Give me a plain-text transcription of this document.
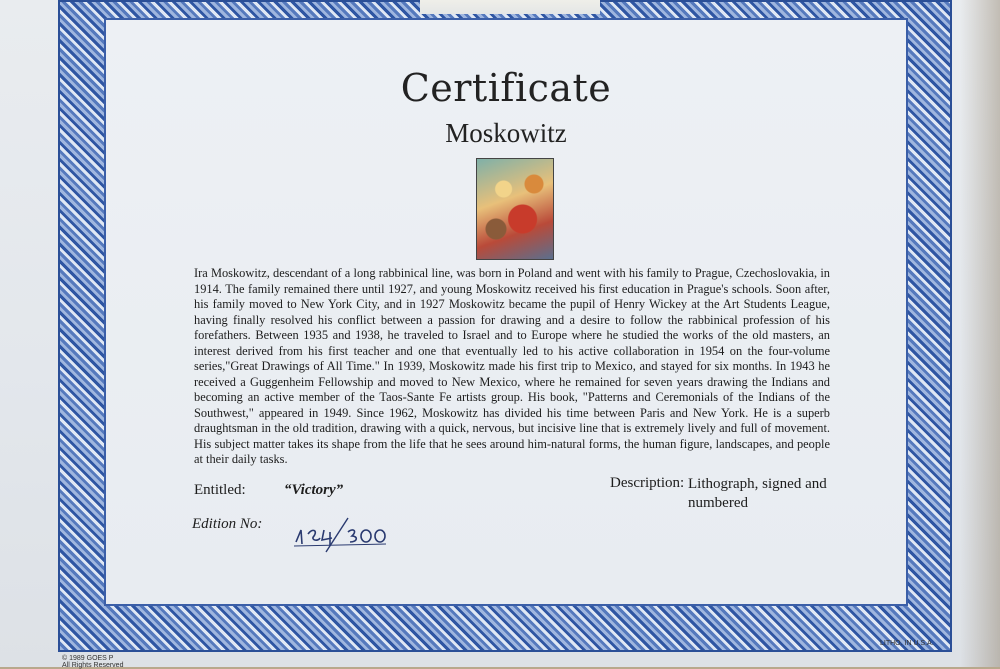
Certificate
Moskowitz
Ira Moskowitz, descendant of a long rabbinical line, was born in Poland and went with his family to Prague, Czechoslovakia, in 1914. The family remained there until 1927, and young Moskowitz received his first education in Prague's schools. Soon after, his family moved to New York City, and in 1927 Moskowitz became the pupil of Henry Wickey at the Art Students League, having finally resolved his conflict between a passion for drawing and a desire to follow the rabbinical profession of his forefathers. Between 1935 and 1938, he traveled to Israel and to Europe where he studied the works of the old masters, an interest derived from his first teacher and one that eventually led to his active collaboration in 1954 on the four-volume series,"Great Drawings of All Time." In 1939, Moskowitz made his first trip to Mexico, and stayed for six months. In 1943 he received a Guggenheim Fellowship and moved to New Mexico, where he remained for seven years drawing the Indians and becoming an active member of the Taos-Sante Fe artists group. His book, "Patterns and Ceremonials of the Indians of the Southwest," appeared in 1949. Since 1962, Moskowitz has divided his time between Paris and New York. He is a superb draughtsman in the old tradition, drawing with a quick, nervous, but incisive line that is extremely lively and full of movement. His subject matter takes its shape from the life that he sees around him-natural forms, the human figure, landscapes, and people at their daily tasks.
Entitled:	“Victory”	Description: Lithograph, signed and numbered
Edition No:
© 1989 GOES P
All Rights Reserved
LITHO. IN U.S.A.
